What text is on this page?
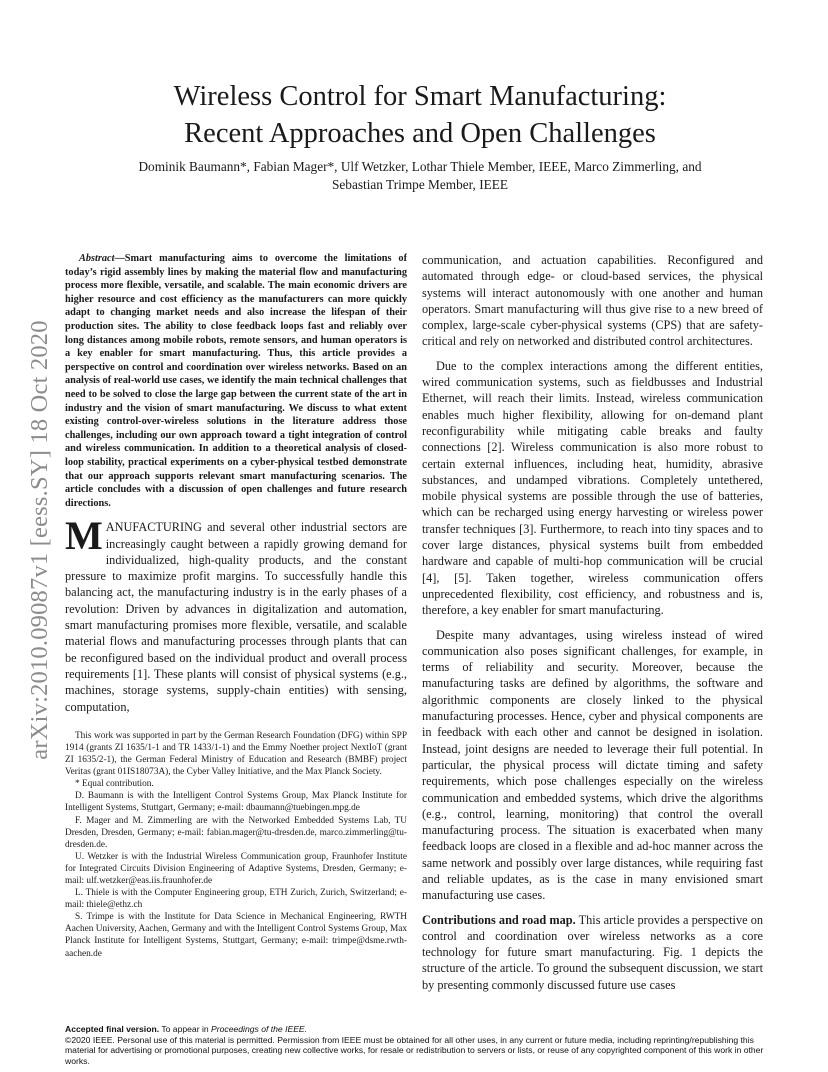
arXiv:2010.09087v1 [eess.SY] 18 Oct 2020
Wireless Control for Smart Manufacturing:
Recent Approaches and Open Challenges
Dominik Baumann*, Fabian Mager*, Ulf Wetzker, Lothar Thiele Member, IEEE, Marco Zimmerling, and
Sebastian Trimpe Member, IEEE

Abstract—Smart manufacturing aims to overcome the limitations of today’s rigid assembly lines by making the material flow and manufacturing process more flexible, versatile, and scalable. The main economic drivers are higher resource and cost efficiency as the manufacturers can more quickly adapt to changing market needs and also increase the lifespan of their production sites. The ability to close feedback loops fast and reliably over long distances among mobile robots, remote sensors, and human operators is a key enabler for smart manufacturing. Thus, this article provides a perspective on control and coordination over wireless networks. Based on an analysis of real-world use cases, we identify the main technical challenges that need to be solved to close the large gap between the current state of the art in industry and the vision of smart manufacturing. We discuss to what extent existing control-over-wireless solutions in the literature address those challenges, including our own approach toward a tight integration of control and wireless communication. In addition to a theoretical analysis of closed-loop stability, practical experiments on a cyber-physical testbed demonstrate that our approach supports relevant smart manufacturing scenarios. The article concludes with a discussion of open challenges and future research directions.

MANUFACTURING and several other industrial sectors are increasingly caught between a rapidly growing demand for individualized, high-quality products, and the constant pressure to maximize profit margins. To successfully handle this balancing act, the manufacturing industry is in the early phases of a revolution: Driven by advances in digitalization and automation, smart manufacturing promises more flexible, versatile, and scalable material flows and manufacturing processes through plants that can be reconfigured based on the individual product and overall process requirements [1]. These plants will consist of physical systems (e.g., machines, storage systems, supply-chain entities) with sensing, computation,

This work was supported in part by the German Research Foundation (DFG) within SPP 1914 (grants ZI 1635/1-1 and TR 1433/1-1) and the Emmy Noether project NextIoT (grant ZI 1635/2-1), the German Federal Ministry of Education and Research (BMBF) project Veritas (grant 01IS18073A), the Cyber Valley Initiative, and the Max Planck Society.

* Equal contribution.

D. Baumann is with the Intelligent Control Systems Group, Max Planck Institute for Intelligent Systems, Stuttgart, Germany; e-mail: dbaumann@tuebingen.mpg.de

F. Mager and M. Zimmerling are with the Networked Embedded Systems Lab, TU Dresden, Dresden, Germany; e-mail: fabian.mager@tu-dresden.de, marco.zimmerling@tu-dresden.de.

U. Wetzker is with the Industrial Wireless Communication group, Fraunhofer Institute for Integrated Circuits Division Engineering of Adaptive Systems, Dresden, Germany; e-mail: ulf.wetzker@eas.iis.fraunhofer.de

L. Thiele is with the Computer Engineering group, ETH Zurich, Zurich, Switzerland; e-mail: thiele@ethz.ch

S. Trimpe is with the Institute for Data Science in Mechanical Engineering, RWTH Aachen University, Aachen, Germany and with the Intelligent Control Systems Group, Max Planck Institute for Intelligent Systems, Stuttgart, Germany; e-mail: trimpe@dsme.rwth-aachen.de

communication, and actuation capabilities. Reconfigured and automated through edge- or cloud-based services, the physical systems will interact autonomously with one another and human operators. Smart manufacturing will thus give rise to a new breed of complex, large-scale cyber-physical systems (CPS) that are safety-critical and rely on networked and distributed control architectures.

Due to the complex interactions among the different entities, wired communication systems, such as fieldbusses and Industrial Ethernet, will reach their limits. Instead, wireless communication enables much higher flexibility, allowing for on-demand plant reconfigurability while mitigating cable breaks and faulty connections [2]. Wireless communication is also more robust to certain external influences, including heat, humidity, abrasive substances, and undamped vibrations. Completely untethered, mobile physical systems are possible through the use of batteries, which can be recharged using energy harvesting or wireless power transfer techniques [3]. Furthermore, to reach into tiny spaces and to cover large distances, physical systems built from embedded hardware and capable of multi-hop communication will be crucial [4], [5]. Taken together, wireless communication offers unprecedented flexibility, cost efficiency, and robustness and is, therefore, a key enabler for smart manufacturing.

Despite many advantages, using wireless instead of wired communication also poses significant challenges, for example, in terms of reliability and security. Moreover, because the manufacturing tasks are defined by algorithms, the software and algorithmic components are closely linked to the physical manufacturing processes. Hence, cyber and physical components are in feedback with each other and cannot be designed in isolation. Instead, joint designs are needed to leverage their full potential. In particular, the physical process will dictate timing and safety requirements, which pose challenges especially on the wireless communication and embedded systems, which drive the algorithms (e.g., control, learning, monitoring) that control the overall manufacturing process. The situation is exacerbated when many feedback loops are closed in a flexible and ad-hoc manner across the same network and possibly over large distances, while requiring fast and reliable updates, as is the case in many envisioned smart manufacturing use cases.

Contributions and road map. This article provides a perspective on control and coordination over wireless networks as a core technology for future smart manufacturing. Fig. 1 depicts the structure of the article. To ground the subsequent discussion, we start by presenting commonly discussed future use cases

Accepted final version. To appear in Proceedings of the IEEE.

©2020 IEEE. Personal use of this material is permitted. Permission from IEEE must be obtained for all other uses, in any current or future media, including reprinting/republishing this material for advertising or promotional purposes, creating new collective works, for resale or redistribution to servers or lists, or reuse of any copyrighted component of this work in other works.
